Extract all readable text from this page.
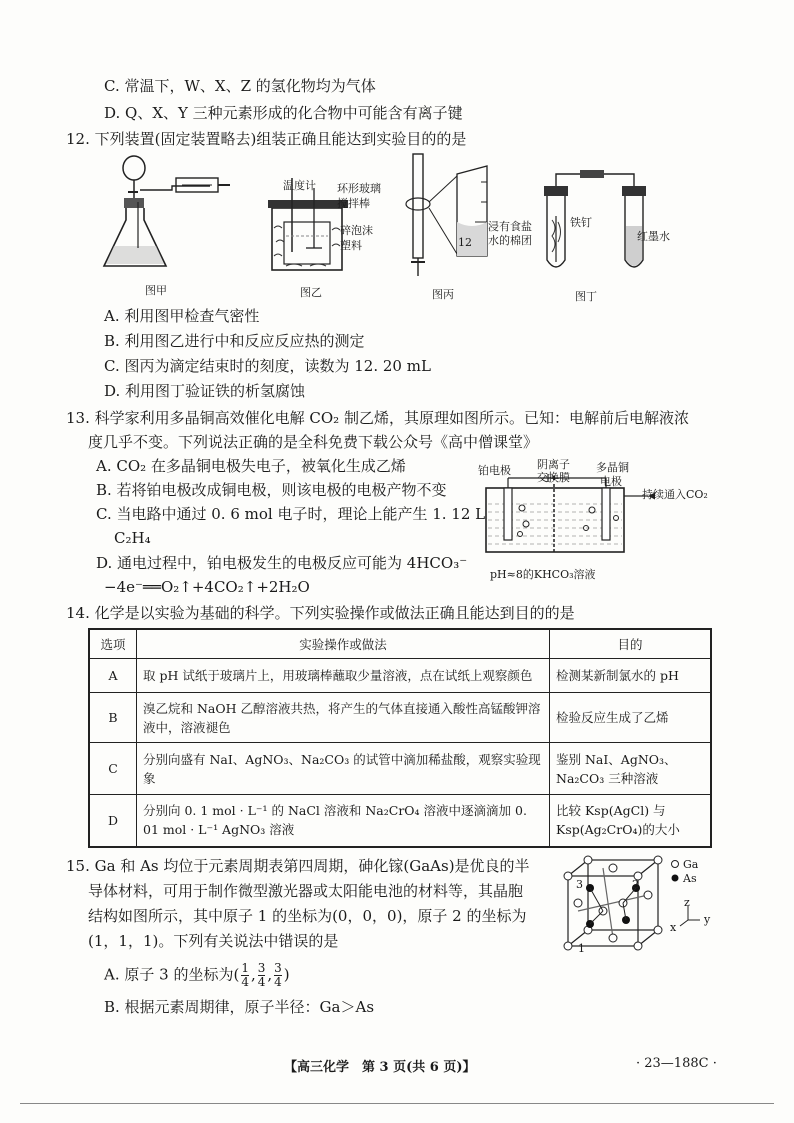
C. 常温下，W、X、Z 的氢化物均为气体
D. Q、X、Y 三种元素形成的化合物中可能含有离子键
12. 下列装置(固定装置略去)组装正确且能达到实验目的的是
图甲
温度计 环形玻璃
搅拌棒
碎泡沫
塑料
图乙
12
图丙
浸有食盐
水的棉团
铁钉
红墨水
图丁
A. 利用图甲检查气密性
B. 利用图乙进行中和反应反应热的测定
C. 图丙为滴定结束时的刻度，读数为 12. 20 mL
D. 利用图丁验证铁的析氢腐蚀
13. 科学家利用多晶铜高效催化电解 CO₂ 制乙烯，其原理如图所示。已知：电解前后电解液浓
度几乎不变。下列说法正确的是全科免费下载公众号《高中僧课堂》
A. CO₂ 在多晶铜电极失电子，被氧化生成乙烯
B. 若将铂电极改成铜电极，则该电极的电极产物不变
C. 当电路中通过 0. 6 mol 电子时，理论上能产生 1. 12 L
C₂H₄
D. 通电过程中，铂电极发生的电极反应可能为 4HCO₃⁻
−4e⁻══O₂↑+4CO₂↑+2H₂O
铂电极 阴离子
交换膜
多晶铜
电极
持续通入CO₂
pH≈8的KHCO₃溶液
14. 化学是以实验为基础的科学。下列实验操作或做法正确且能达到目的的是
选项	实验操作或做法	目的
A	取 pH 试纸于玻璃片上，用玻璃棒蘸取少量溶液，点在试纸上观察颜色	检测某新制氯水的 pH
B	溴乙烷和 NaOH 乙醇溶液共热，将产生的气体直接通入酸性高锰酸钾溶液中，溶液褪色	检验反应生成了乙烯
C	分别向盛有 NaI、AgNO₃、Na₂CO₃ 的试管中滴加稀盐酸，观察实验现象	鉴别 NaI、AgNO₃、Na₂CO₃ 三种溶液
D	分别向 0. 1 mol · L⁻¹ 的 NaCl 溶液和 Na₂CrO₄ 溶液中逐滴滴加 0. 01 mol · L⁻¹ AgNO₃ 溶液	比较 Ksp(AgCl) 与 Ksp(Ag₂CrO₄)的大小
15. Ga 和 As 均位于元素周期表第四周期，砷化镓(GaAs)是优良的半
导体材料，可用于制作微型激光器或太阳能电池的材料等，其晶胞
结构如图所示，其中原子 1 的坐标为(0，0，0)，原子 2 的坐标为
(1，1，1)。下列有关说法中错误的是
A. 原子 3 的坐标为( $\frac{1}{4}$ , $\frac{3}{4}$ , $\frac{3}{4}$ )
B. 根据元素周期律，原子半径：Ga＞As
Ga
As
1
2
3
z
y
x
【高三化学　第 3 页(共 6 页)】	· 23—188C ·
